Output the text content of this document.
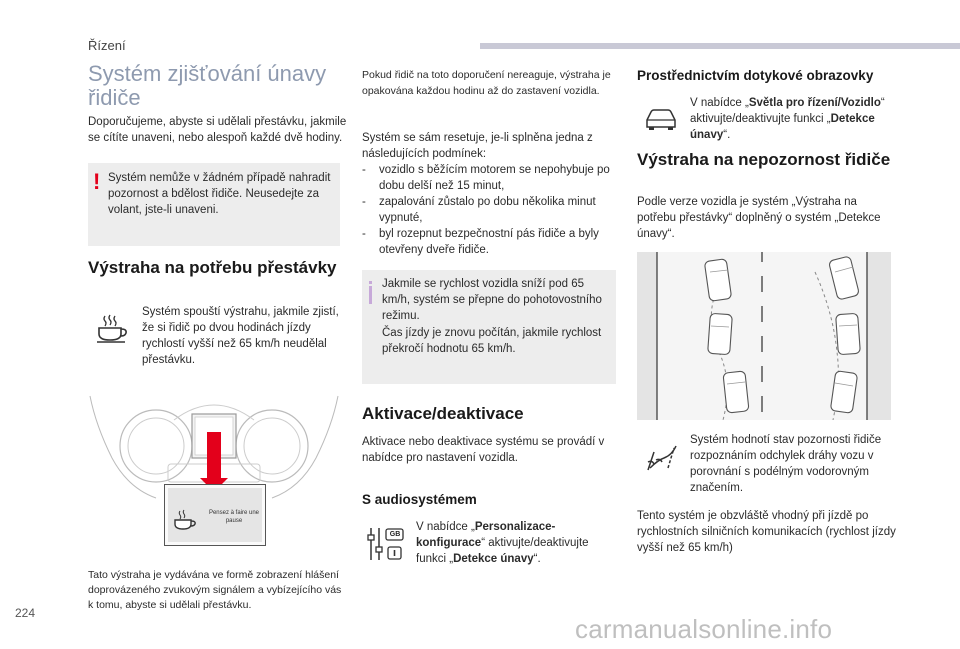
Řízení
Systém zjišťování únavy řidiče
Doporučujeme, abyste si udělali přestávku, jakmile se cítíte unaveni, nebo alespoň každé dvě hodiny.
! Systém nemůže v žádném případě nahradit pozornost a bdělost řidiče. Neusedejte za volant, jste-li unaveni.
Výstraha na potřebu přestávky
Systém spouští výstrahu, jakmile zjistí, že si řidič po dvou hodinách jízdy rychlostí vyšší než 65 km/h neudělal přestávku.
Pensez à faire une pause
Tato výstraha je vydávána ve formě zobrazení hlášení doprovázeného zvukovým signálem a vybízejícího vás k tomu, abyste si udělali přestávku.
Pokud řidič na toto doporučení nereaguje, výstraha je opakována každou hodinu až do zastavení vozidla.
Systém se sám resetuje, je-li splněna jedna z následujících podmínek:
- vozidlo s běžícím motorem se nepohybuje po dobu delší než 15 minut,
- zapalování zůstalo po dobu několika minut vypnuté,
- byl rozepnut bezpečnostní pás řidiče a byly otevřeny dveře řidiče.
Jakmile se rychlost vozidla sníží pod 65 km/h, systém se přepne do pohotovostního režimu.
Čas jízdy je znovu počítán, jakmile rychlost překročí hodnotu 65 km/h.
Aktivace/deaktivace
Aktivace nebo deaktivace systému se provádí v nabídce pro nastavení vozidla.
S audiosystémem
GB
V nabídce „Personalizace-konfigurace“ aktivujte/deaktivujte funkci „Detekce únavy“.
Prostřednictvím dotykové obrazovky
V nabídce „Světla pro řízení/Vozidlo“ aktivujte/deaktivujte funkci „Detekce únavy“.
Výstraha na nepozornost řidiče
Podle verze vozidla je systém „Výstraha na potřebu přestávky“ doplněný o systém „Detekce únavy“.
Systém hodnotí stav pozornosti řidiče rozpoznáním odchylek dráhy vozu v porovnání s podélným vodorovným značením.
Tento systém je obzvláště vhodný při jízdě po rychlostních silničních komunikacích (rychlost jízdy vyšší než 65 km/h)
224
carmanualsonline.info
